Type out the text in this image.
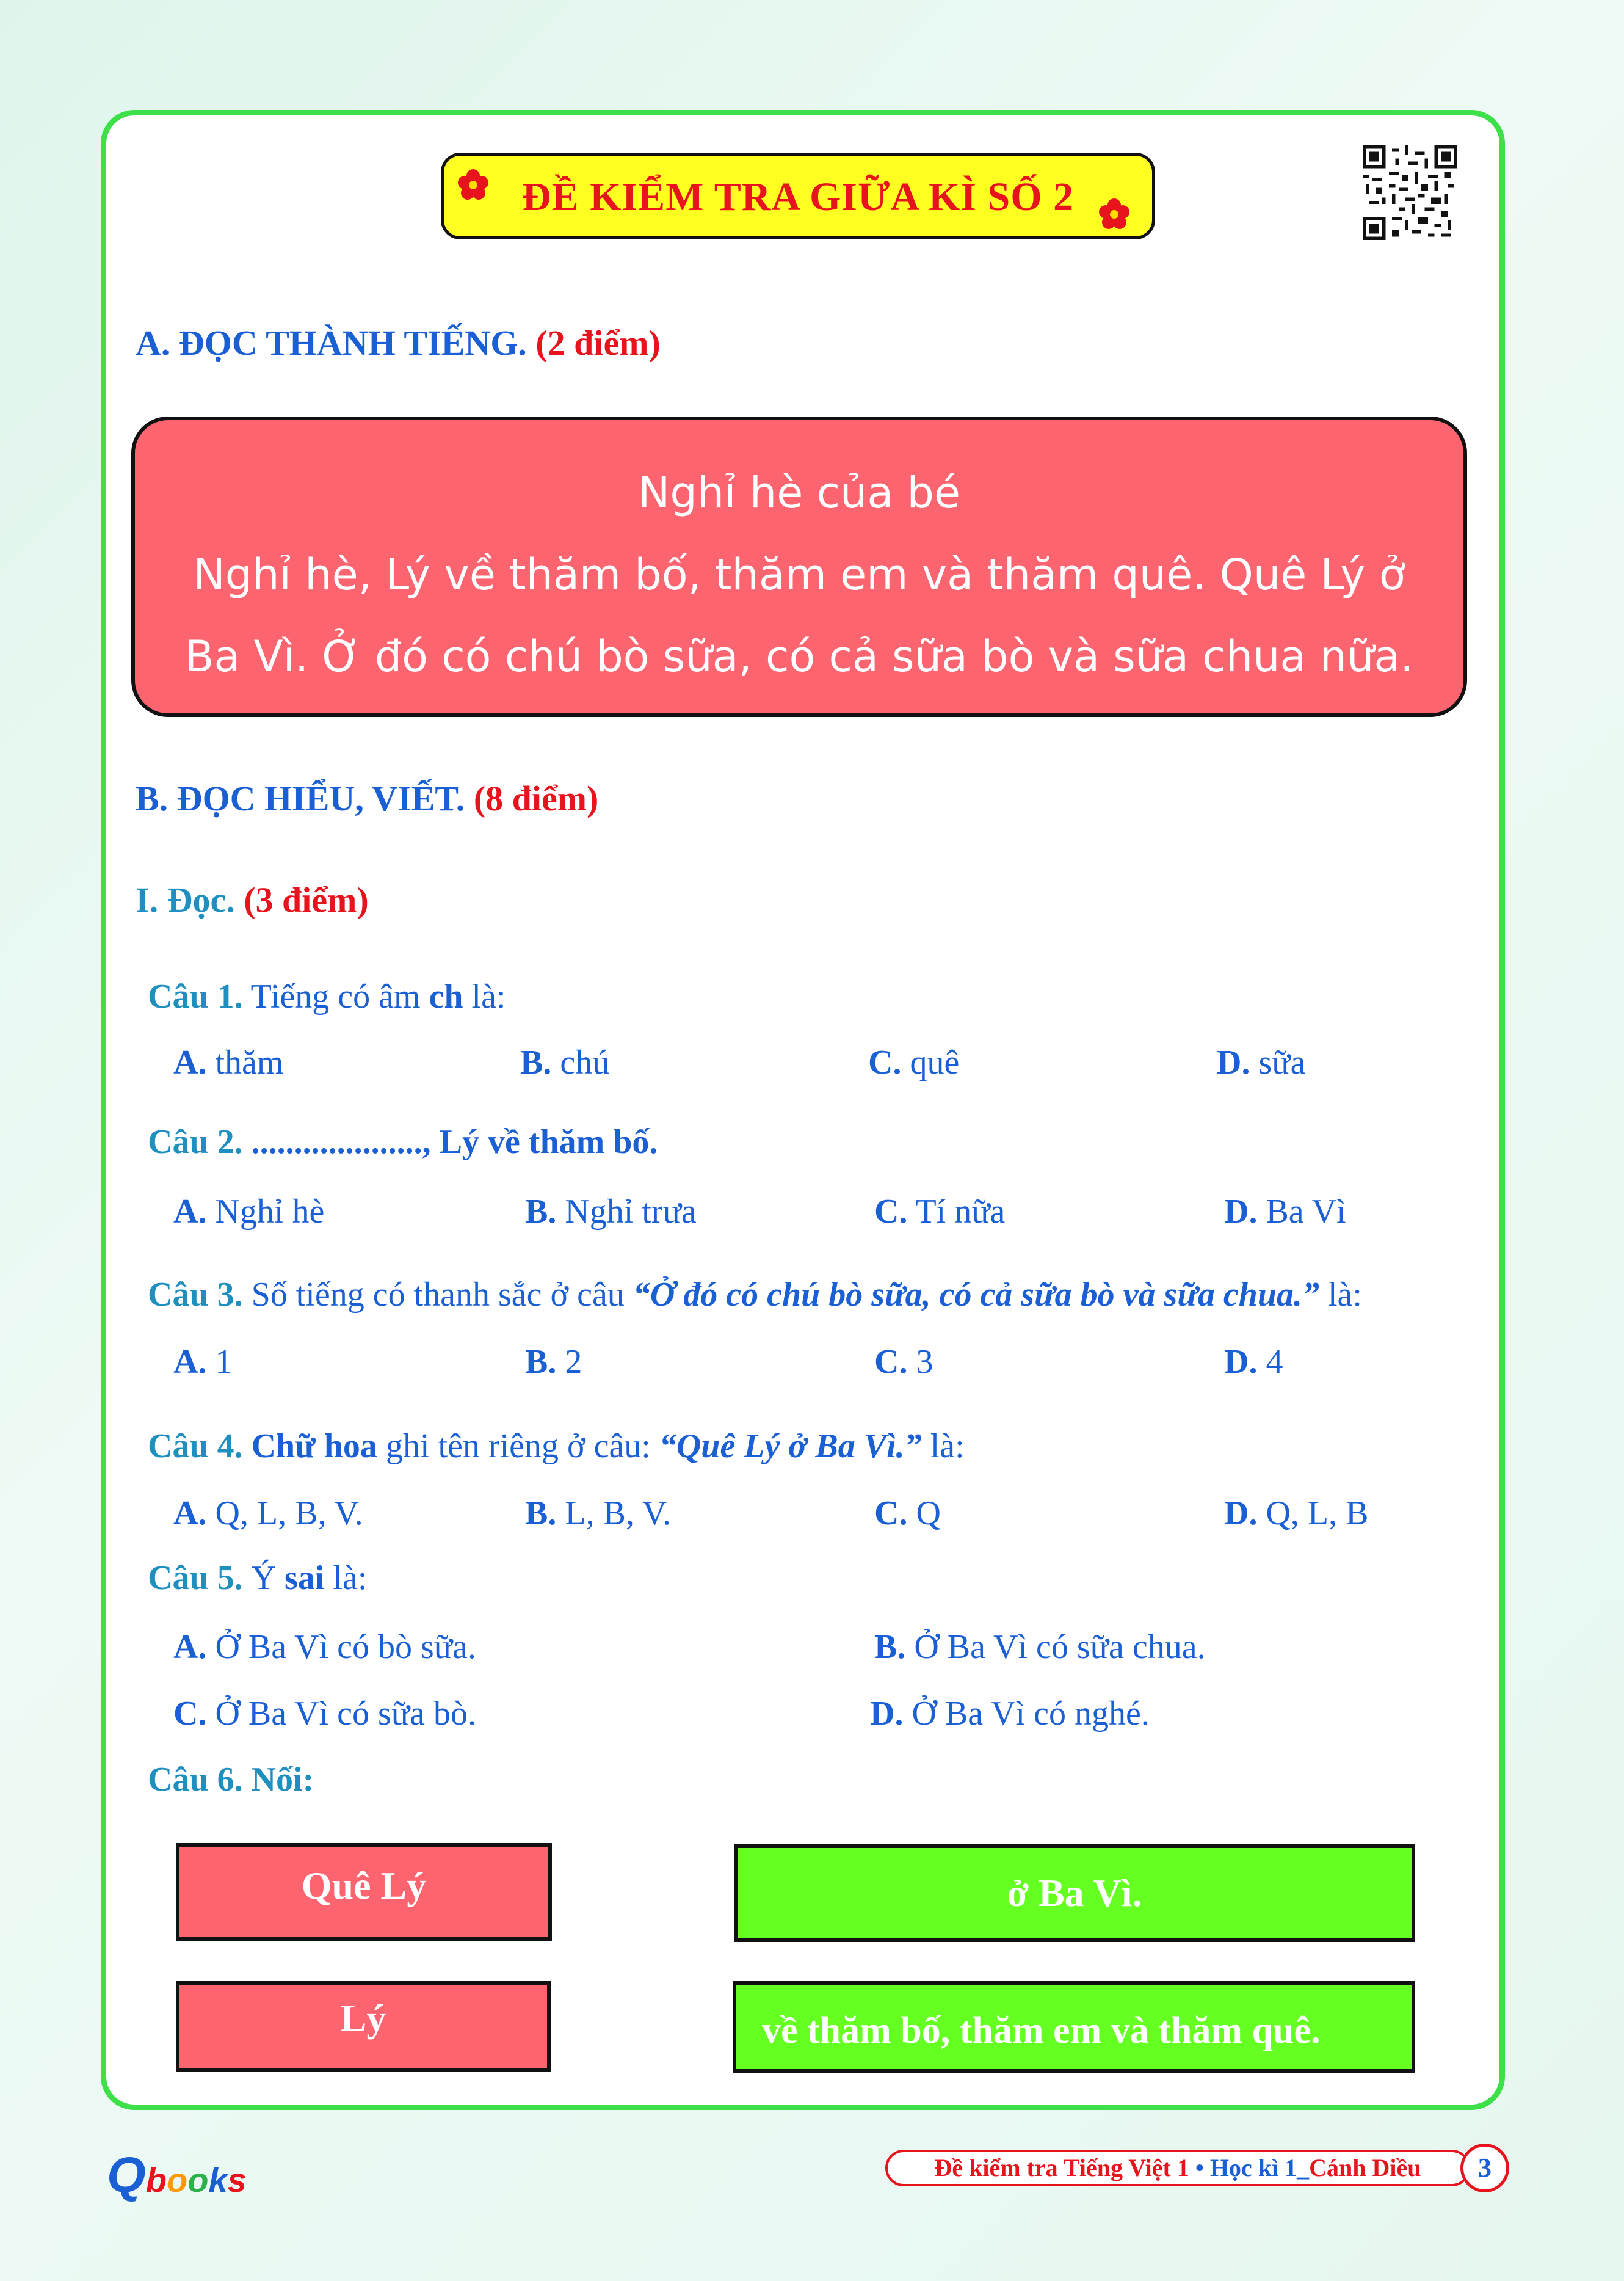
ĐỀ KIỂM TRA GIỮA KÌ SỐ 2
A. ĐỌC THÀNH TIẾNG. (2 điểm)
Nghỉ hè của bé
Nghỉ hè, Lý về thăm bố, thăm em và thăm quê. Quê Lý ở
Ba Vì. Ở đó có chú bò sữa, có cả sữa bò và sữa chua nữa.
B. ĐỌC HIỂU, VIẾT. (8 điểm)
I. Đọc. (3 điểm)
Câu 1. Tiếng có âm ch là:
A. thăm	B. chú	C. quê	D. sữa
Câu 2. ...................., Lý về thăm bố.
A. Nghỉ hè	B. Nghỉ trưa	C. Tí nữa	D. Ba Vì
Câu 3. Số tiếng có thanh sắc ở câu “Ở đó có chú bò sữa, có cả sữa bò và sữa chua.” là:
A. 1	B. 2	C. 3	D. 4
Câu 4. Chữ hoa ghi tên riêng ở câu: “Quê Lý ở Ba Vì.” là:
A. Q, L, B, V.	B. L, B, V.	C. Q	D. Q, L, B
Câu 5. Ý sai là:
A. Ở Ba Vì có bò sữa.	B. Ở Ba Vì có sữa chua.
C. Ở Ba Vì có sữa bò.	D. Ở Ba Vì có nghé.
Câu 6. Nối:
Quê Lý	ở Ba Vì.
Lý	về thăm bố, thăm em và thăm quê.
Qbooks	Đề kiểm tra Tiếng Việt 1 • Học kì 1_Cánh Diều	3
